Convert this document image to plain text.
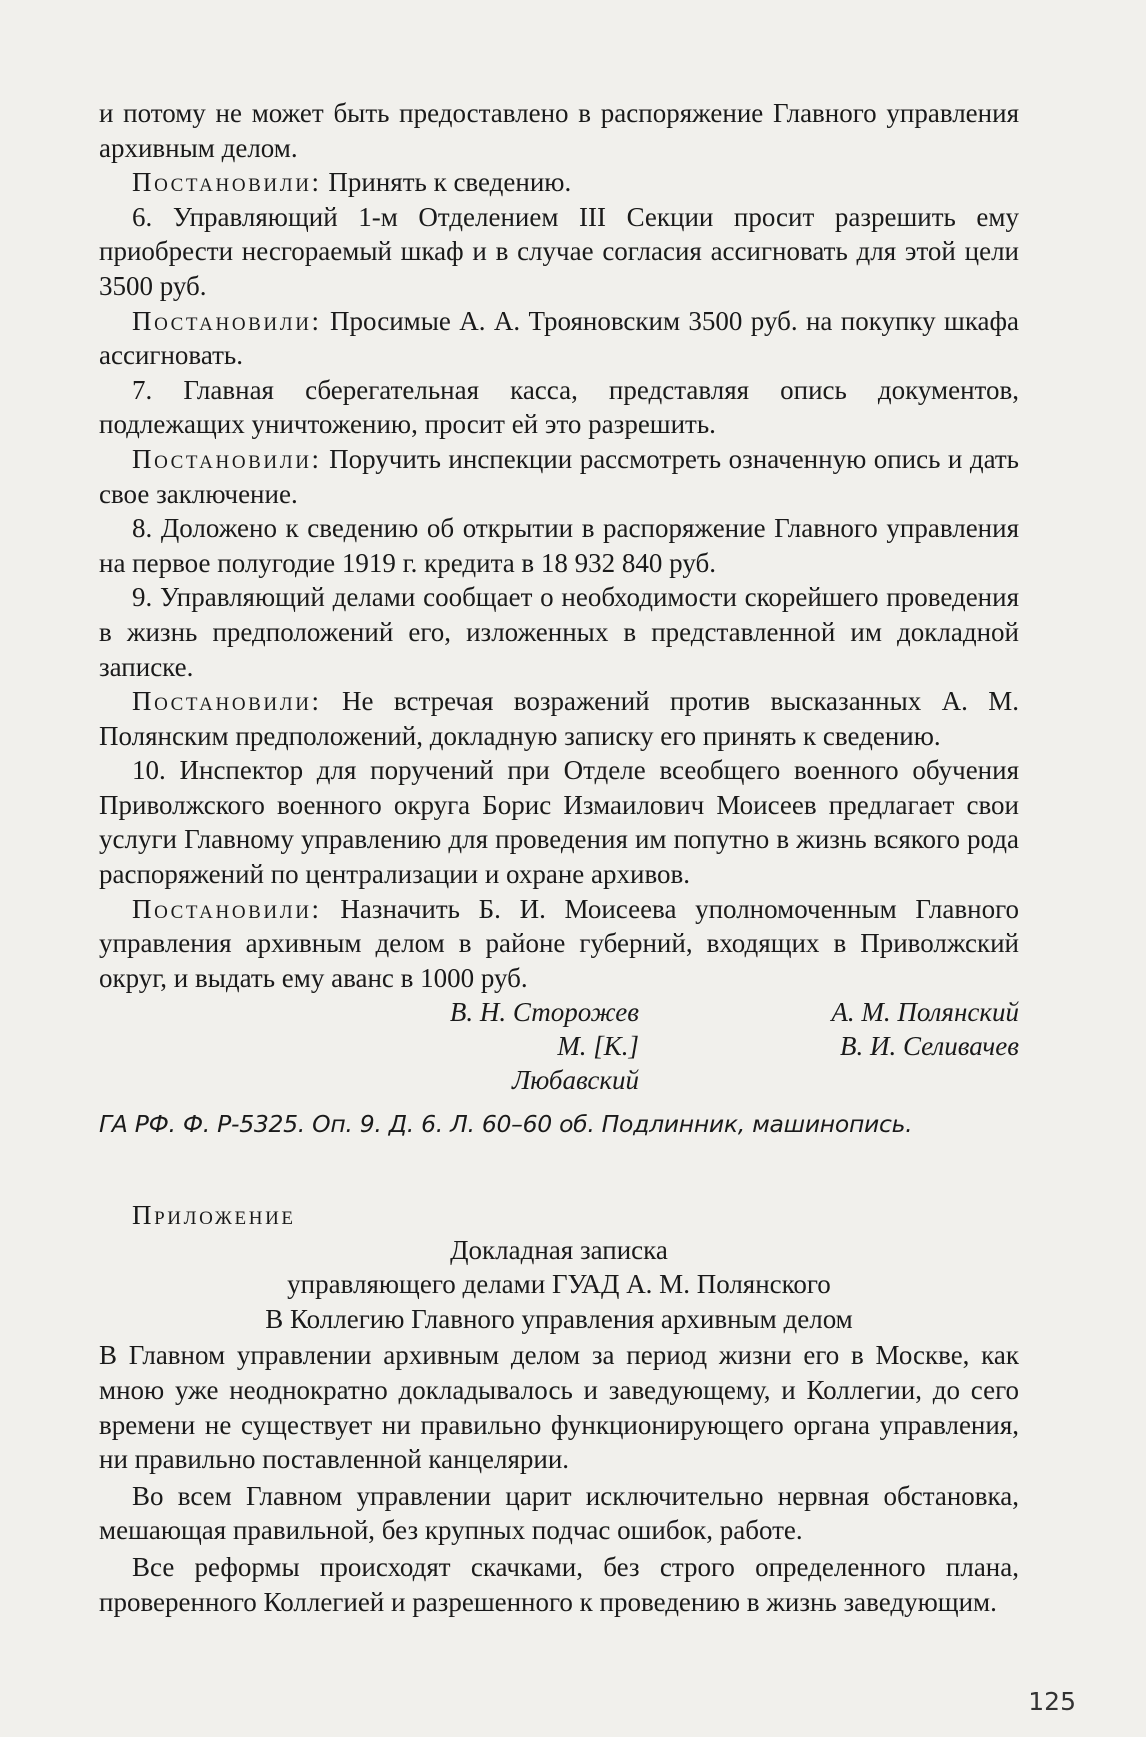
и потому не может быть предоставлено в распоряжение Главного управления архивным делом.

Постановили: Принять к сведению.

6. Управляющий 1-м Отделением III Секции просит разрешить ему приобрести несгораемый шкаф и в случае согласия ассигновать для этой цели 3500 руб.

Постановили: Просимые А. А. Трояновским 3500 руб. на покупку шкафа ассигновать.

7. Главная сберегательная касса, представляя опись документов, подлежащих уничтожению, просит ей это разрешить.

Постановили: Поручить инспекции рассмотреть означенную опись и дать свое заключение.

8. Доложено к сведению об открытии в распоряжение Главного управления на первое полугодие 1919 г. кредита в 18 932 840 руб.

9. Управляющий делами сообщает о необходимости скорейшего проведения в жизнь предположений его, изложенных в представленной им докладной записке.

Постановили: Не встречая возражений против высказанных А. М. Полянским предположений, докладную записку его принять к сведению.

10. Инспектор для поручений при Отделе всеобщего военного обучения Приволжского военного округа Борис Измаилович Моисеев предлагает свои услуги Главному управлению для проведения им попутно в жизнь всякого рода распоряжений по централизации и охране архивов.

Постановили: Назначить Б. И. Моисеева уполномоченным Главного управления архивным делом в районе губерний, входящих в Приволжский округ, и выдать ему аванс в 1000 руб.

В. Н. Сторожев	А. М. Полянский
М. [К.] Любавский
В. И. Селивачев

ГА РФ. Ф. Р-5325. Оп. 9. Д. 6. Л. 60–60 об. Подлинник, машинопись.

Приложение

Докладная записка

управляющего делами ГУАД А. М. Полянского

В Коллегию Главного управления архивным делом

В Главном управлении архивным делом за период жизни его в Москве, как мною уже неоднократно докладывалось и заведующему, и Коллегии, до сего времени не существует ни правильно функционирующего органа управления, ни правильно поставленной канцелярии.

Во всем Главном управлении царит исключительно нервная обстановка, мешающая правильной, без крупных подчас ошибок, работе.

Все реформы происходят скачками, без строго определенного плана, проверенного Коллегией и разрешенного к проведению в жизнь заведующим.

125
